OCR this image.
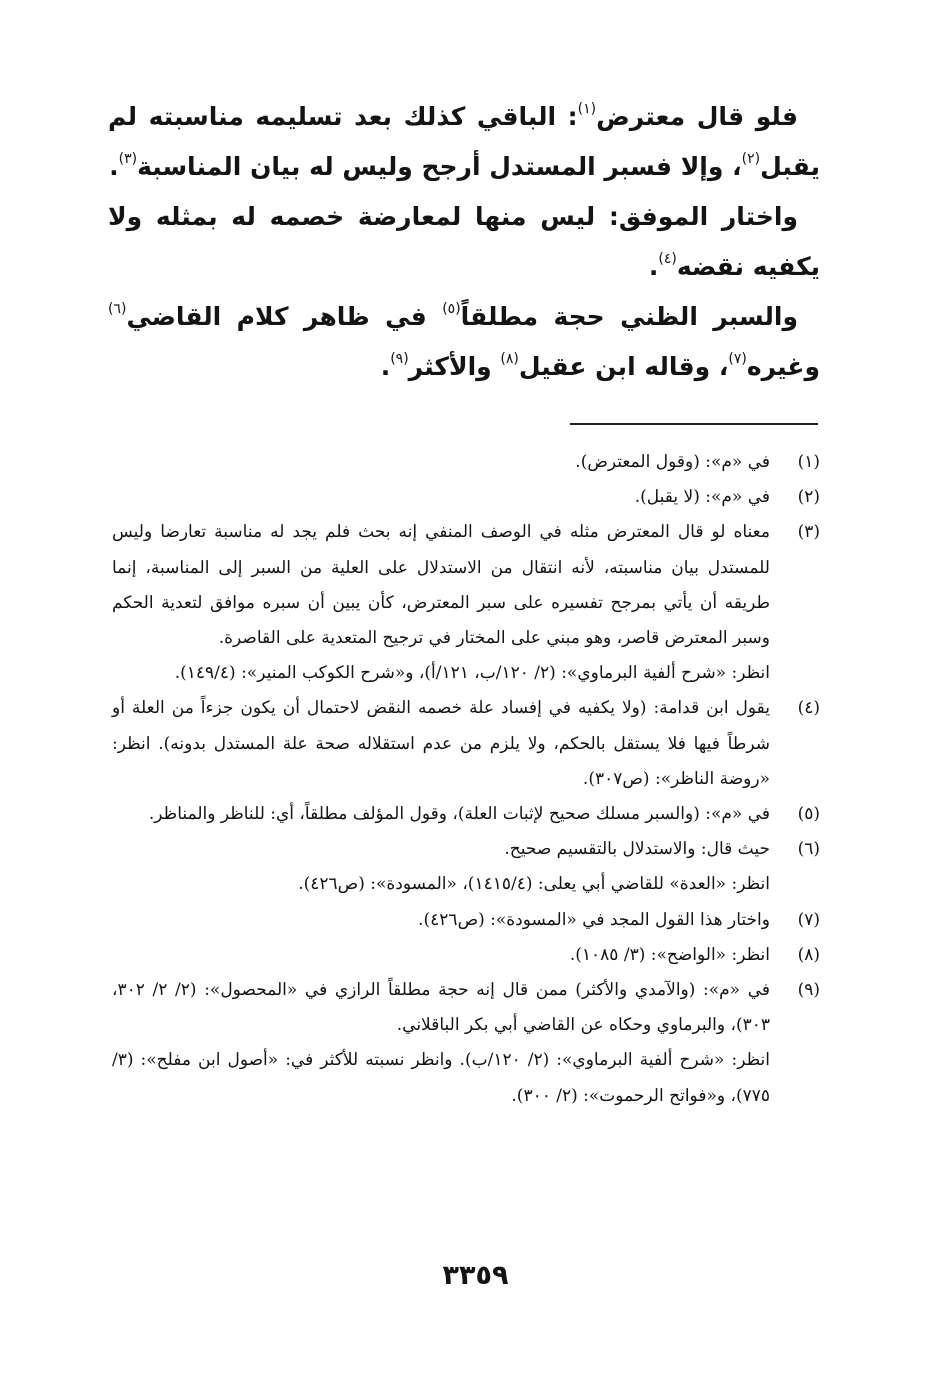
فلو قال معترض$^{(١)}$: الباقي كذلك بعد تسليمه مناسبته لم يقبل$^{(٢)}$، وإلا فسبر المستدل أرجح وليس له بيان المناسبة$^{(٣)}$.

واختار الموفق: ليس منها لمعارضة خصمه له بمثله ولا يكفيه نقضه$^{(٤)}$.

والسبر الظني حجة مطلقاً$^{(٥)}$ في ظاهر كلام القاضي$^{(٦)}$ وغيره$^{(٧)}$، وقاله ابن عقيل$^{(٨)}$ والأكثر$^{(٩)}$.

(١)
في «م»: (وقول المعترض).
(٢)
في «م»: (لا يقبل).
(٣)
معناه لو قال المعترض مثله في الوصف المنفي إنه بحث فلم يجد له مناسبة تعارضا وليس للمستدل بيان مناسبته، لأنه انتقال من الاستدلال على العلية من السبر إلى المناسبة، إنما طريقه أن يأتي بمرجح تفسيره على سبر المعترض، كأن يبين أن سبره موافق لتعدية الحكم وسبر المعترض قاصر، وهو مبني على المختار في ترجيح المتعدية على القاصرة.
انظر: «شرح ألفية البرماوي»: (٢/ ١٢٠/ب، ١٢١/أ)، و«شرح الكوكب المنير»: (١٤٩/٤).
(٤)
يقول ابن قدامة: (ولا يكفيه في إفساد علة خصمه النقض لاحتمال أن يكون جزءاً من العلة أو شرطاً فيها فلا يستقل بالحكم، ولا يلزم من عدم استقلاله صحة علة المستدل بدونه). انظر: «روضة الناظر»: (ص٣٠٧).
(٥)
في «م»: (والسبر مسلك صحيح لإثبات العلة)، وقول المؤلف مطلقاً، أي: للناظر والمناظر.
(٦)
حيث قال: والاستدلال بالتقسيم صحيح.
انظر: «العدة» للقاضي أبي يعلى: (١٤١٥/٤)، «المسودة»: (ص٤٢٦).
(٧)
واختار هذا القول المجد في «المسودة»: (ص٤٢٦).
(٨)
انظر: «الواضح»: (٣/ ١٠٨٥).
(٩)
في «م»: (والآمدي والأكثر) ممن قال إنه حجة مطلقاً الرازي في «المحصول»: (٢/ ٢/ ٣٠٢، ٣٠٣)، والبرماوي وحكاه عن القاضي أبي بكر الباقلاني.
انظر: «شرح ألفية البرماوي»: (٢/ ١٢٠/ب). وانظر نسبته للأكثر في: «أصول ابن مفلح»: (٣/ ٧٧٥)، و«فواتح الرحموت»: (٢/ ٣٠٠).
٣٣٥٩
